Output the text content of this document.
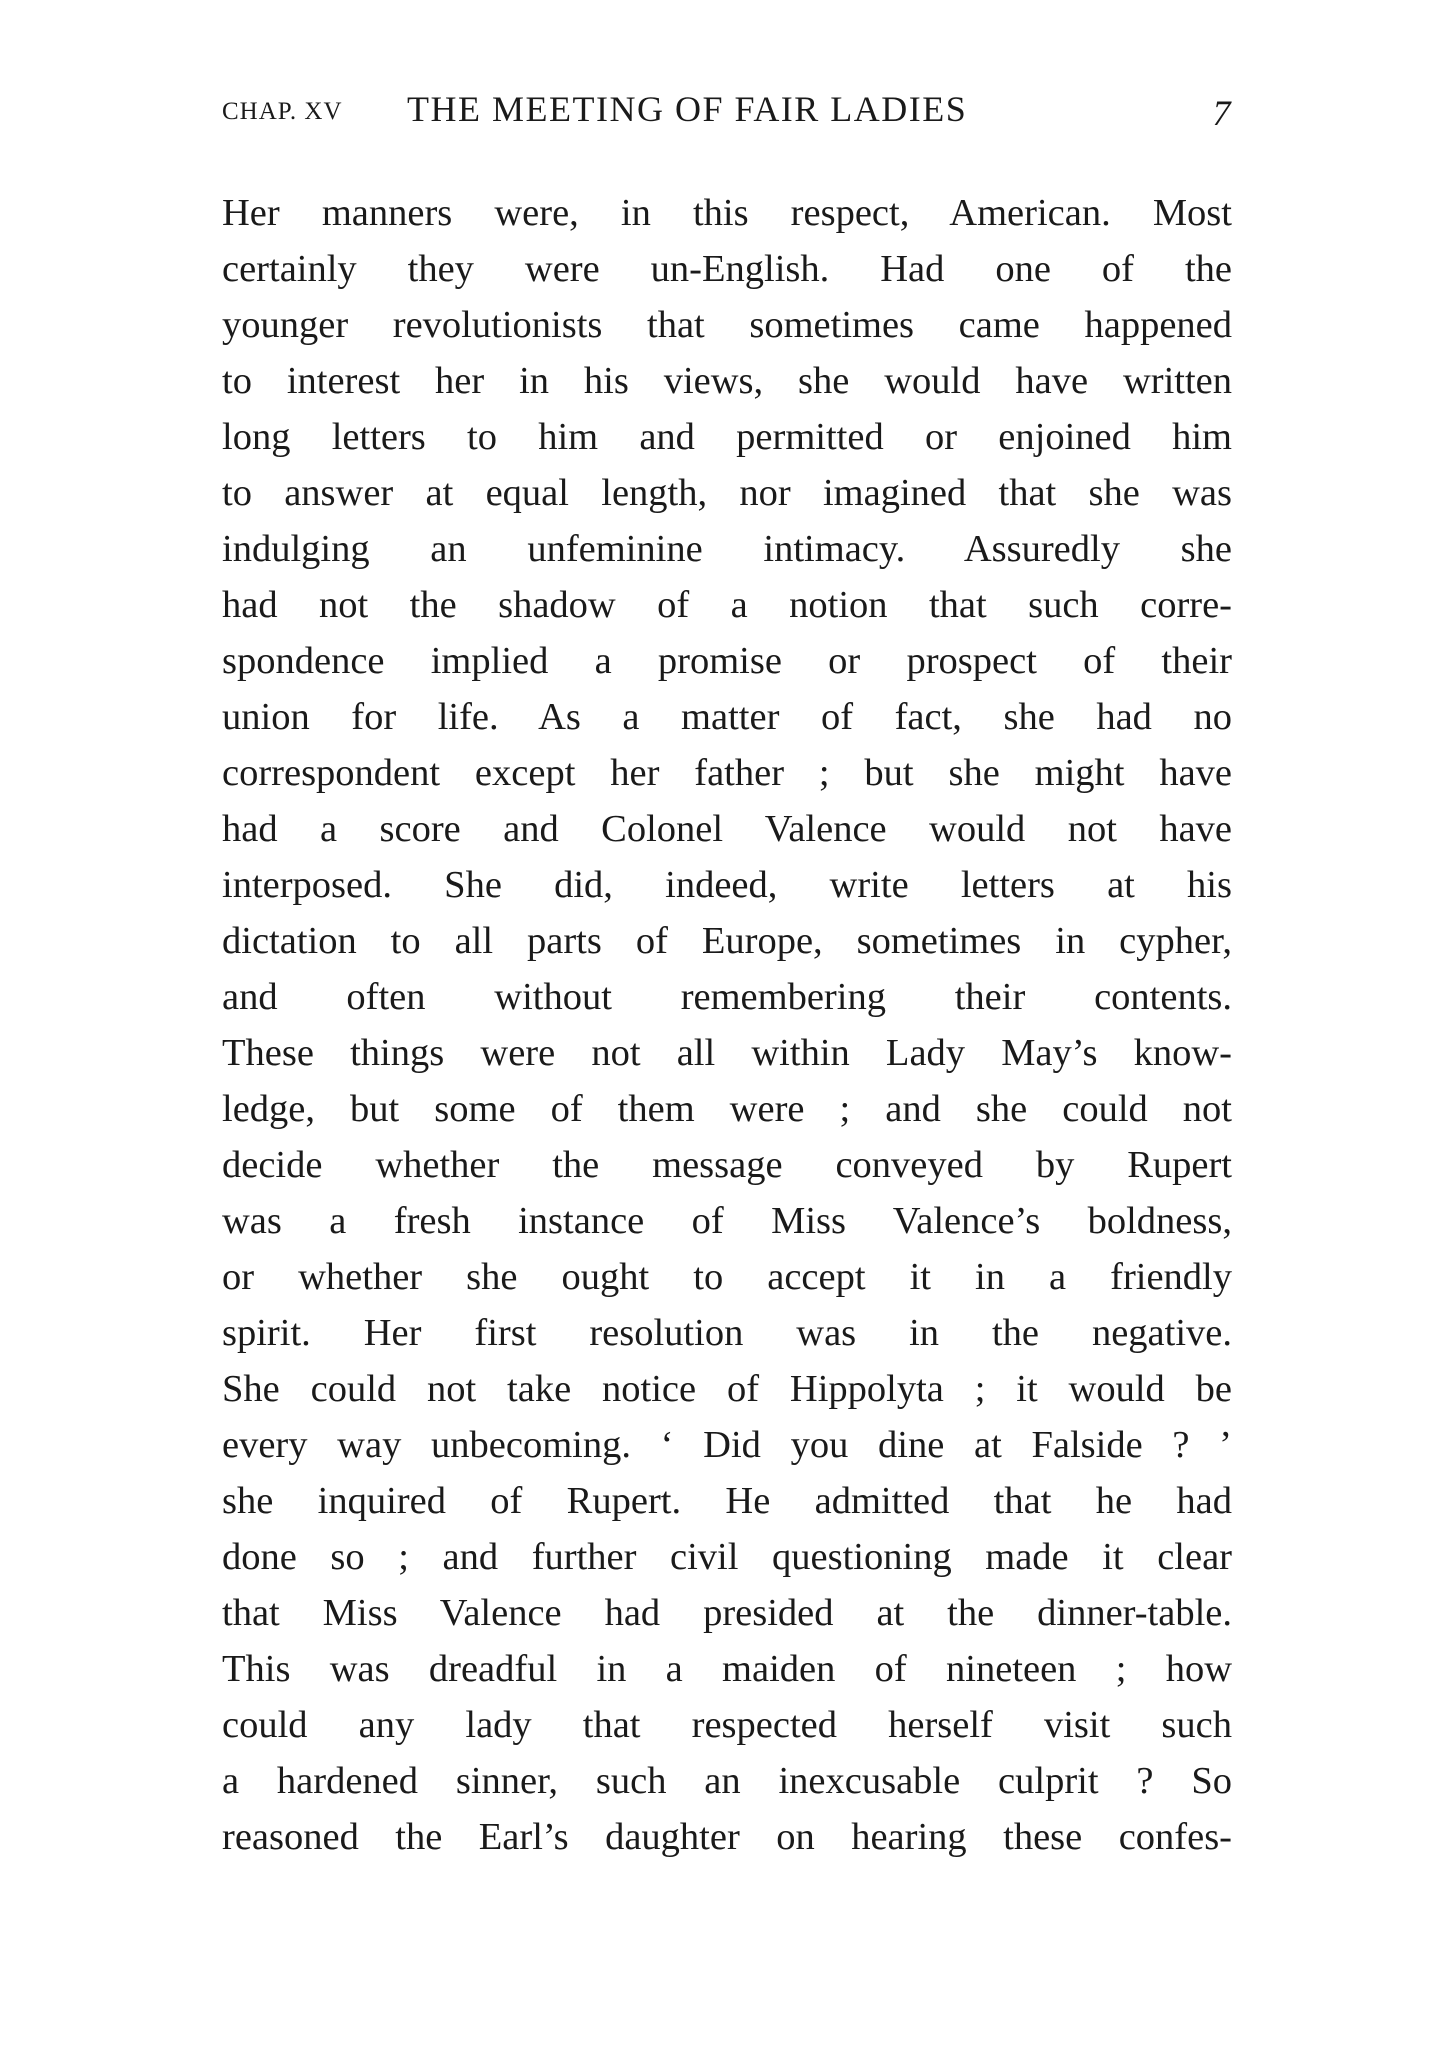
CHAP. XV THE MEETING OF FAIR LADIES	7
Her manners were, in this respect, American. Most
certainly they were un-English. Had one of the
younger revolutionists that sometimes came happened
to interest her in his views, she would have written
long letters to him and permitted or enjoined him
to answer at equal length, nor imagined that she was
indulging an unfeminine intimacy. Assuredly she
had not the shadow of a notion that such corre-
spondence implied a promise or prospect of their
union for life. As a matter of fact, she had no
correspondent except her father ; but she might have
had a score and Colonel Valence would not have
interposed. She did, indeed, write letters at his
dictation to all parts of Europe, sometimes in cypher,
and often without remembering their contents.
These things were not all within Lady May’s know-
ledge, but some of them were ; and she could not
decide whether the message conveyed by Rupert
was a fresh instance of Miss Valence’s boldness,
or whether she ought to accept it in a friendly
spirit. Her first resolution was in the negative.
She could not take notice of Hippolyta ; it would be
every way unbecoming. ‘ Did you dine at Falside ? ’
she inquired of Rupert. He admitted that he had
done so ; and further civil questioning made it clear
that Miss Valence had presided at the dinner-table.
This was dreadful in a maiden of nineteen ; how
could any lady that respected herself visit such
a hardened sinner, such an inexcusable culprit ? So
reasoned the Earl’s daughter on hearing these confes-
